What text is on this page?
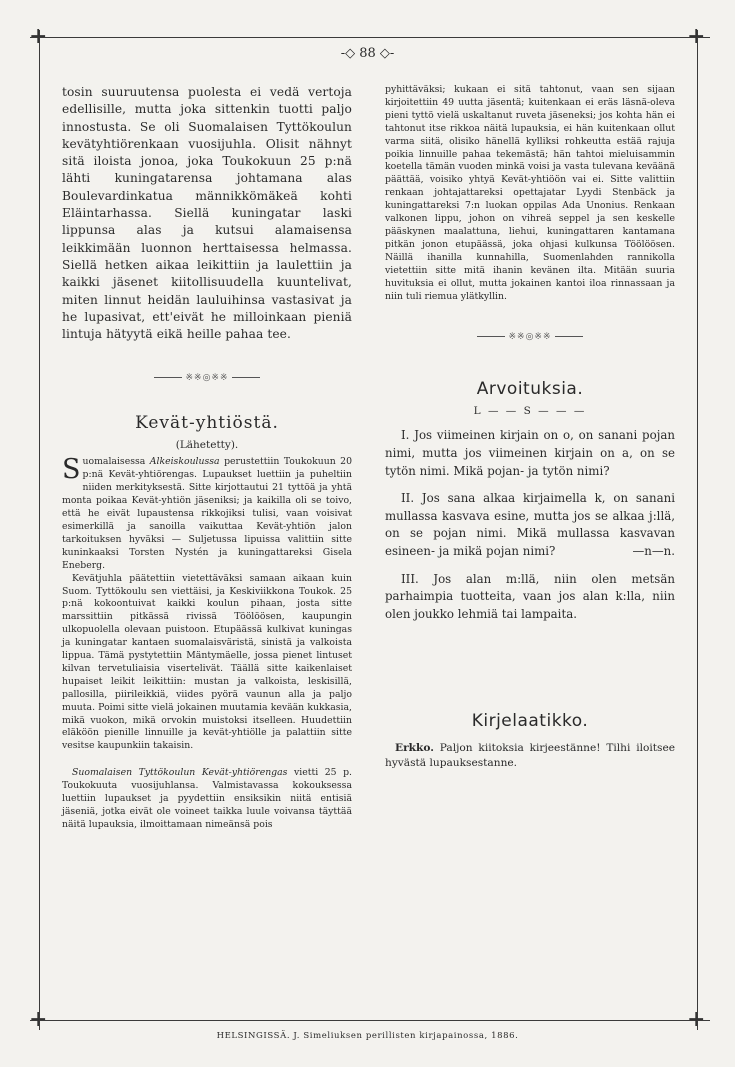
+	+
+	+
-◇ 88 ◇-

tosin suuruutensa puolesta ei vedä vertoja edellisille, mutta joka sittenkin tuotti paljo innostusta. Se oli Suomalaisen Tyttökoulun kevätyhtiörenkaan vuosijuhla. Olisit nähnyt sitä iloista jonoa, joka Toukokuun 25 p:nä lähti kuningatarensa johtamana alas Boulevardinkatua männikkömäkeä kohti Eläintarhassa. Siellä kuningatar laski lippunsa alas ja kutsui alamaisensa leikkimään luonnon herttaisessa helmassa. Siellä hetken aikaa leikittiin ja laulettiin ja kaikki jäsenet kiitollisuudella kuuntelivat, miten linnut heidän lauluihinsa vastasivat ja he lupasivat, ett'eivät he milloinkaan pieniä lintuja hätyytä eikä heille pahaa tee.

※※◎※※

Kevät-yhtiöstä.

(Lähetetty).

Suomalaisessa Alkeiskoulussa perustettiin Toukokuun 20 p:nä Kevät-yhtiörengas. Lupaukset luettiin ja puheltiin niiden merkityksestä. Sitte kirjottautui 21 tyttöä ja yhtä monta poikaa Kevät-yhtiön jäseniksi; ja kaikilla oli se toivo, että he eivät lupaustensa rikkojiksi tulisi, vaan voisivat esimerkillä ja sanoilla vaikuttaa Kevät-yhtiön jalon tarkoituksen hyväksi — Suljetussa lipuissa valittiin sitte kuninkaaksi Torsten Nystén ja kuningattareksi Gisela Eneberg.

Kevätjuhla päätettiin vietettäväksi samaan aikaan kuin Suom. Tyttökoulu sen viettäisi, ja Keskiviikkona Toukok. 25 p:nä kokoontuivat kaikki koulun pihaan, josta sitte marssittiin pitkässä rivissä Töölöösen, kaupungin ulkopuolella olevaan puistoon. Etupäässä kulkivat kuningas ja kuningatar kantaen suomalaisväristä, sinistä ja valkoista lippua. Tämä pystytettiin Mäntymäelle, jossa pienet lintuset kilvan tervetuliaisia visertelivät. Täällä sitte kaikenlaiset hupaiset leikit leikittiin: mustan ja valkoista, leskisillä, pallosilla, piirileikkiä, viides pyörä vaunun alla ja paljo muuta. Poimi sitte vielä jokainen muutamia kevään kukkasia, mikä vuokon, mikä orvokin muistoksi itselleen. Huudettiin eläköön pienille linnuille ja kevät-yhtiölle ja palattiin sitte vesitse kaupunkiin takaisin.

Suomalaisen Tyttökoulun Kevät-yhtiörengas vietti 25 p. Toukokuuta vuosijuhlansa. Valmistavassa kokouksessa luettiin lupaukset ja pyydettiin ensiksikin niitä entisiä jäseniä, jotka eivät ole voineet taikka luule voivansa täyttää näitä lupauksia, ilmoittamaan nimeänsä pois

pyhittäväksi; kukaan ei sitä tahtonut, vaan sen sijaan kirjoitettiin 49 uutta jäsentä; kuitenkaan ei eräs läsnä-oleva pieni tyttö vielä uskaltanut ruveta jäseneksi; jos kohta hän ei tahtonut itse rikkoa näitä lupauksia, ei hän kuitenkaan ollut varma siitä, olisiko hänellä kylliksi rohkeutta estää rajuja poikia linnuille pahaa tekemästä; hän tahtoi mieluisammin koetella tämän vuoden minkä voisi ja vasta tulevana keväänä päättää, voisiko yhtyä Kevät-yhtiöön vai ei. Sitte valittiin renkaan johtajattareksi opettajatar Lyydi Stenbäck ja kuningattareksi 7:n luokan oppilas Ada Unonius. Renkaan valkonen lippu, johon on vihreä seppel ja sen keskelle pääskynen maalattuna, liehui, kuningattaren kantamana pitkän jonon etupäässä, joka ohjasi kulkunsa Töölöösen. Näillä ihanilla kunnahilla, Suomenlahden rannikolla vietettiin sitte mitä ihanin kevänen ilta. Mitään suuria huvituksia ei ollut, mutta jokainen kantoi iloa rinnassaan ja niin tuli riemua ylätkyllin.

※※◎※※

Arvoituksia.

L — — S — — —

I. Jos viimeinen kirjain on o, on sanani pojan nimi, mutta jos viimeinen kirjain on a, on se tytön nimi. Mikä pojan- ja tytön nimi?

II. Jos sana alkaa kirjaimella k, on sanani mullassa kasvava esine, mutta jos se alkaa j:llä, on se pojan nimi. Mikä mullassa kasvavan esineen- ja mikä pojan nimi?	—n—n.

III. Jos alan m:llä, niin olen metsän parhaimpia tuotteita, vaan jos alan k:lla, niin olen joukko lehmiä tai lampaita.

Kirjelaatikko.

Erkko. Paljon kiitoksia kirjeestänne! Tilhi iloitsee hyvästä lupauksestanne.

HELSINGISSÄ. J. Simeliuksen perillisten kirjapainossa, 1886.
